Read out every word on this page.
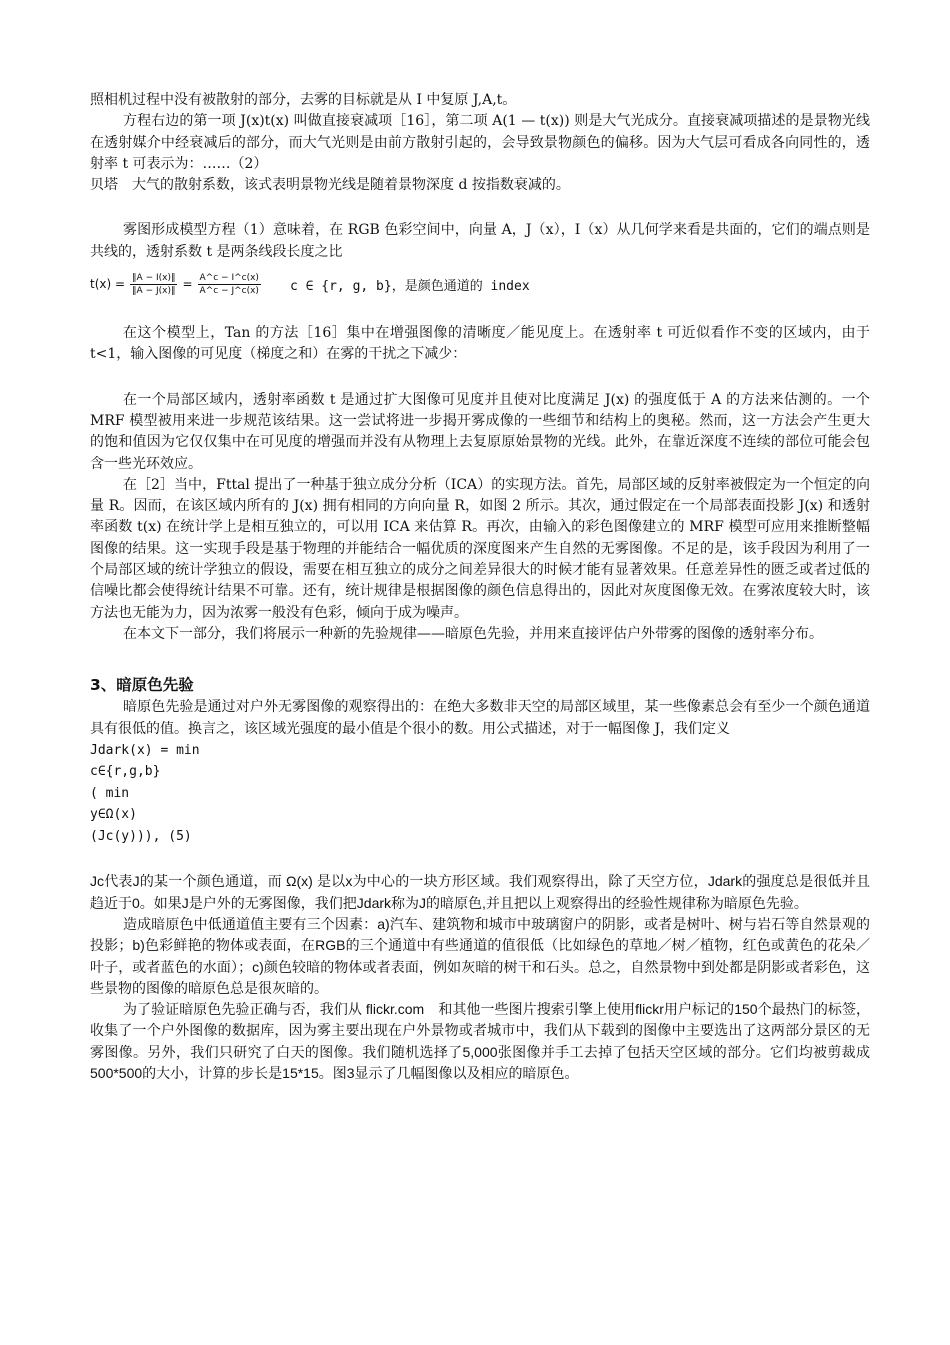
照相机过程中没有被散射的部分，去雾的目标就是从 I 中复原 J,A,t。

方程右边的第一项 J(x)t(x) 叫做直接衰减项［16］，第二项 A(1 — t(x)) 则是大气光成分。直接衰减项描述的是景物光线在透射媒介中经衰减后的部分，而大气光则是由前方散射引起的，会导致景物颜色的偏移。因为大气层可看成各向同性的，透射率 t 可表示为：……（2）

贝塔　大气的散射系数，该式表明景物光线是随着景物深度 d 按指数衰减的。

雾图形成模型方程（1）意味着，在 RGB 色彩空间中，向量 A，J（x），I（x）从几何学来看是共面的，它们的端点则是共线的，透射系数 t 是两条线段长度之比

$t(x) = \frac{‖A - I(x)‖}{‖A - J(x)‖} = \frac{A\^{}c - I\^{}c(x)}{A\^{}c - J\^{}c(x)}$ c ∈ {r, g, b}，是颜色通道的 index

在这个模型上，Tan 的方法［16］集中在增强图像的清晰度／能见度上。在透射率 t 可近似看作不变的区域内，由于 t<1，输入图像的可见度（梯度之和）在雾的干扰之下减少：

在一个局部区域内，透射率函数 t 是通过扩大图像可见度并且使对比度满足 J(x) 的强度低于 A 的方法来估测的。一个 MRF 模型被用来进一步规范该结果。这一尝试将进一步揭开雾成像的一些细节和结构上的奥秘。然而，这一方法会产生更大的饱和值因为它仅仅集中在可见度的增强而并没有从物理上去复原原始景物的光线。此外，在靠近深度不连续的部位可能会包含一些光环效应。

在［2］当中，Fttal 提出了一种基于独立成分分析（ICA）的实现方法。首先，局部区域的反射率被假定为一个恒定的向量 R。因而，在该区域内所有的 J(x) 拥有相同的方向向量 R，如图 2 所示。其次，通过假定在一个局部表面投影 J(x) 和透射率函数 t(x) 在统计学上是相互独立的，可以用 ICA 来估算 R。再次，由输入的彩色图像建立的 MRF 模型可应用来推断整幅图像的结果。这一实现手段是基于物理的并能结合一幅优质的深度图来产生自然的无雾图像。不足的是，该手段因为利用了一个局部区域的统计学独立的假设，需要在相互独立的成分之间差异很大的时候才能有显著效果。任意差异性的匮乏或者过低的信噪比都会使得统计结果不可靠。还有，统计规律是根据图像的颜色信息得出的，因此对灰度图像无效。在雾浓度较大时，该方法也无能为力，因为浓雾一般没有色彩，倾向于成为噪声。

在本文下一部分，我们将展示一种新的先验规律——暗原色先验，并用来直接评估户外带雾的图像的透射率分布。

3、暗原色先验

暗原色先验是通过对户外无雾图像的观察得出的：在绝大多数非天空的局部区域里，某一些像素总会有至少一个颜色通道具有很低的值。换言之，该区域光强度的最小值是个很小的数。用公式描述，对于一幅图像 J，我们定义

Jdark(x) = min

c∈{r,g,b}

( min

y∈Ω(x)

(Jc(y))), (5)

Jc代表J的某一个颜色通道，而 Ω(x) 是以x为中心的一块方形区域。我们观察得出，除了天空方位，Jdark的强度总是很低并且趋近于0。如果J是户外的无雾图像，我们把Jdark称为J的暗原色,并且把以上观察得出的经验性规律称为暗原色先验。

造成暗原色中低通道值主要有三个因素：a)汽车、建筑物和城市中玻璃窗户的阴影，或者是树叶、树与岩石等自然景观的投影；b)色彩鲜艳的物体或表面，在RGB的三个通道中有些通道的值很低（比如绿色的草地／树／植物，红色或黄色的花朵／叶子，或者蓝色的水面）；c)颜色较暗的物体或者表面，例如灰暗的树干和石头。总之，自然景物中到处都是阴影或者彩色，这些景物的图像的暗原色总是很灰暗的。

为了验证暗原色先验正确与否，我们从 flickr.com　和其他一些图片搜索引擎上使用flickr用户标记的150个最热门的标签，收集了一个户外图像的数据库，因为雾主要出现在户外景物或者城市中，我们从下载到的图像中主要选出了这两部分景区的无雾图像。另外，我们只研究了白天的图像。我们随机选择了5,000张图像并手工去掉了包括天空区域的部分。它们均被剪裁成500*500的大小，计算的步长是15*15。图3显示了几幅图像以及相应的暗原色。
